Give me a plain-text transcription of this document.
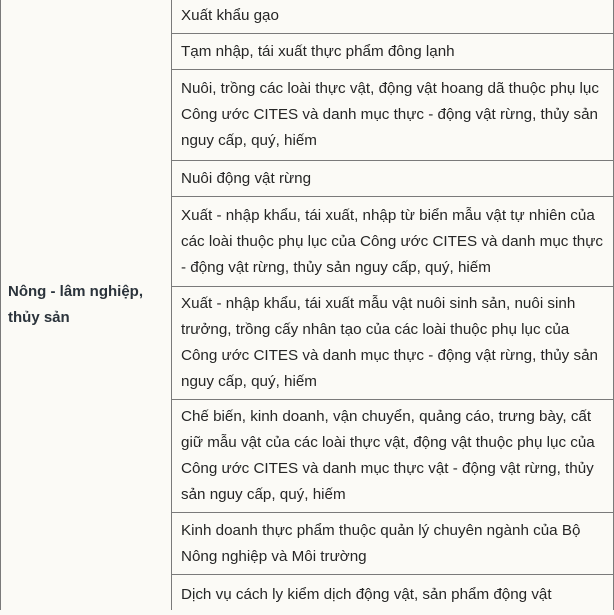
Nông - lâm nghiệp, thủy sản
Xuất khẩu gạo
Tạm nhập, tái xuất thực phẩm đông lạnh
Nuôi, trồng các loài thực vật, động vật hoang dã thuộc phụ lục Công ước CITES và danh mục thực - động vật rừng, thủy sản nguy cấp, quý, hiếm
Nuôi động vật rừng
Xuất - nhập khẩu, tái xuất, nhập từ biển mẫu vật tự nhiên của các loài thuộc phụ lục của Công ước CITES và danh mục thực - động vật rừng, thủy sản nguy cấp, quý, hiếm
Xuất - nhập khẩu, tái xuất mẫu vật nuôi sinh sản, nuôi sinh trưởng, trồng cấy nhân tạo của các loài thuộc phụ lục của Công ước CITES và danh mục thực - động vật rừng, thủy sản nguy cấp, quý, hiếm
Chế biến, kinh doanh, vận chuyển, quảng cáo, trưng bày, cất giữ mẫu vật của các loài thực vật, động vật thuộc phụ lục của Công ước CITES và danh mục thực vật - động vật rừng, thủy sản nguy cấp, quý, hiếm
Kinh doanh thực phẩm thuộc quản lý chuyên ngành của Bộ Nông nghiệp và Môi trường
Dịch vụ cách ly kiểm dịch động vật, sản phẩm động vật
